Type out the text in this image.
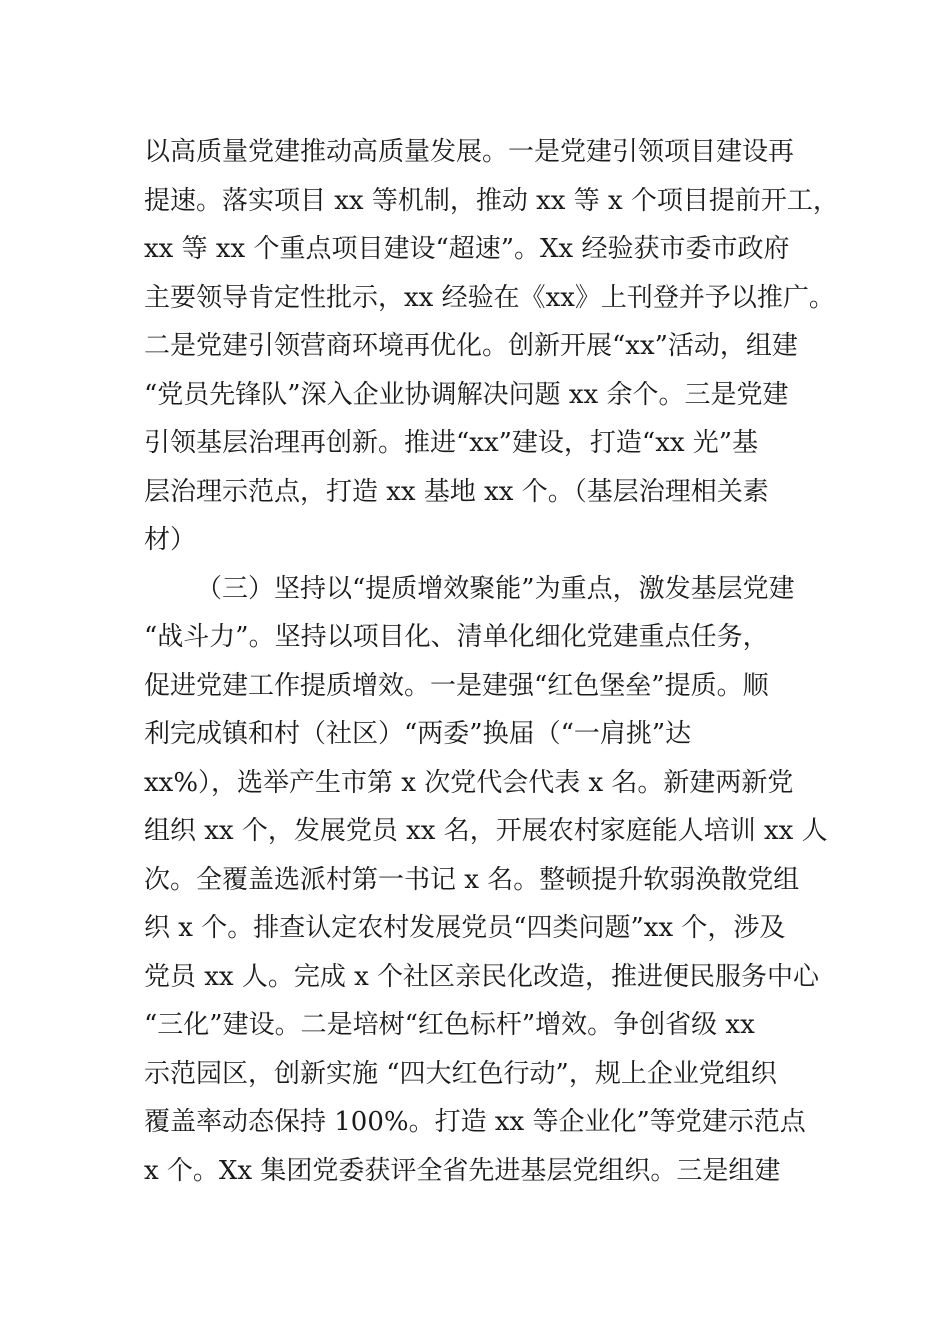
以高质量党建推动高质量发展。一是党建引领项目建设再
提速。落实项目 xx 等机制，推动 xx 等 x 个项目提前开工，
xx 等 xx 个重点项目建设“超速”。Xx 经验获市委市政府
主要领导肯定性批示，xx 经验在《xx》上刊登并予以推广。
二是党建引领营商环境再优化。创新开展“xx”活动，组建
“党员先锋队”深入企业协调解决问题 xx 余个。三是党建
引领基层治理再创新。推进“xx”建设，打造“xx 光”基
层治理示范点，打造 xx 基地 xx 个。（基层治理相关素
材）
（三）坚持以“提质增效聚能”为重点，激发基层党建
“战斗力”。坚持以项目化、清单化细化党建重点任务，
促进党建工作提质增效。一是建强“红色堡垒”提质。顺
利完成镇和村（社区）“两委”换届（“一肩挑”达
xx%），选举产生市第 x 次党代会代表 x 名。新建两新党
组织 xx 个，发展党员 xx 名，开展农村家庭能人培训 xx 人
次。全覆盖选派村第一书记 x 名。整顿提升软弱涣散党组
织 x 个。排查认定农村发展党员“四类问题”xx 个，涉及
党员 xx 人。完成 x 个社区亲民化改造，推进便民服务中心
“三化”建设。二是培树“红色标杆”增效。争创省级 xx
示范园区，创新实施 “四大红色行动”，规上企业党组织
覆盖率动态保持 100%。打造 xx 等企业化”等党建示范点
x 个。Xx 集团党委获评全省先进基层党组织。三是组建
